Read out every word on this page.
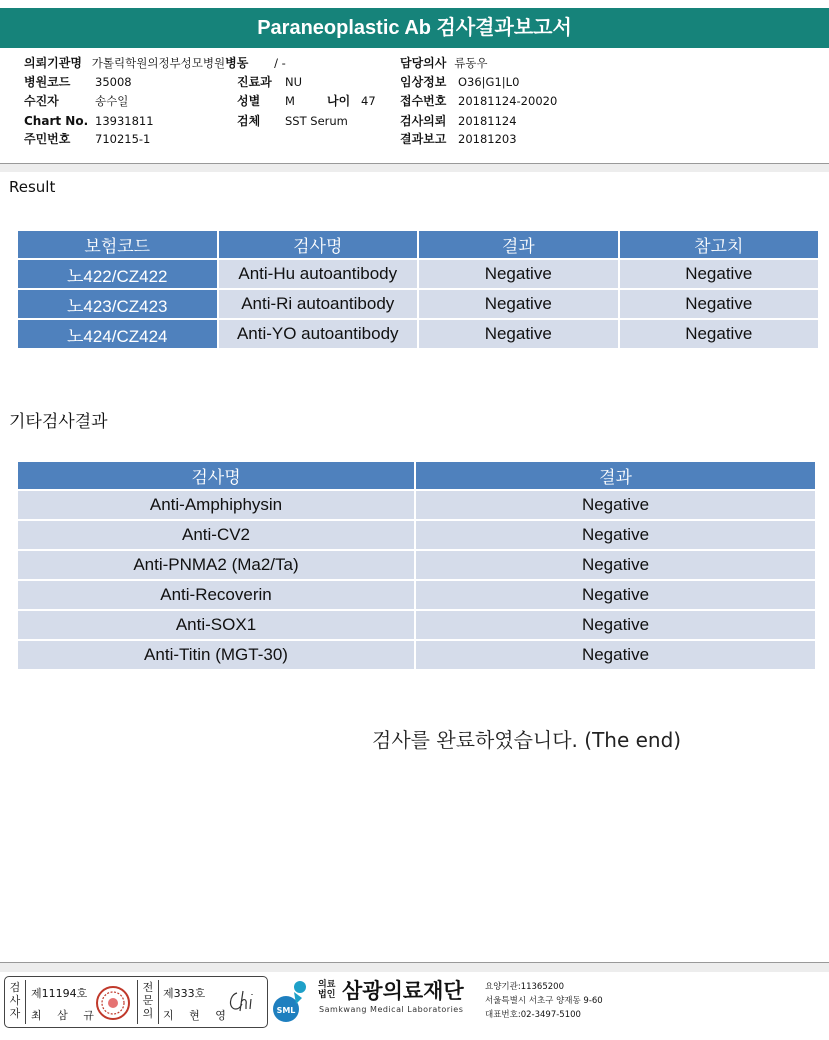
Paraneoplastic Ab 검사결과보고서
의뢰기관명 가톨릭학원의정부성모병원병동 / -	담당의사 류동우
병원코드 35008	진료과 NU	임상정보 O36|G1|L0
수진자	송수일	성별 M	나이 47 접수번호 20181124-20020
Chart No. 13931811	검체 SST Serum	검사의뢰 20181124
주민번호 710215-1	결과보고 20181203
Result
보험코드	검사명	결과	참고치
노422/CZ422	Anti-Hu autoantibody	Negative	Negative
노423/CZ423	Anti-Ri autoantibody	Negative	Negative
노424/CZ424	Anti-YO autoantibody	Negative	Negative
기타검사결과
검사명	결과
Anti-Amphiphysin	Negative
Anti-CV2	Negative
Anti-PNMA2 (Ma2/Ta)	Negative
Anti-Recoverin	Negative
Anti-SOX1	Negative
Anti-Titin (MGT-30)	Negative
검사를 완료하였습니다. (The end)
검
사
자
제11194호
최 삼 규
전
문
의
제333호
지 현 영	SML
의료
법인 삼광의료재단
Samkwang Medical Laboratories
요양기관:11365200
서울특별시 서초구 양재동 9-60
대표번호:02-3497-5100
